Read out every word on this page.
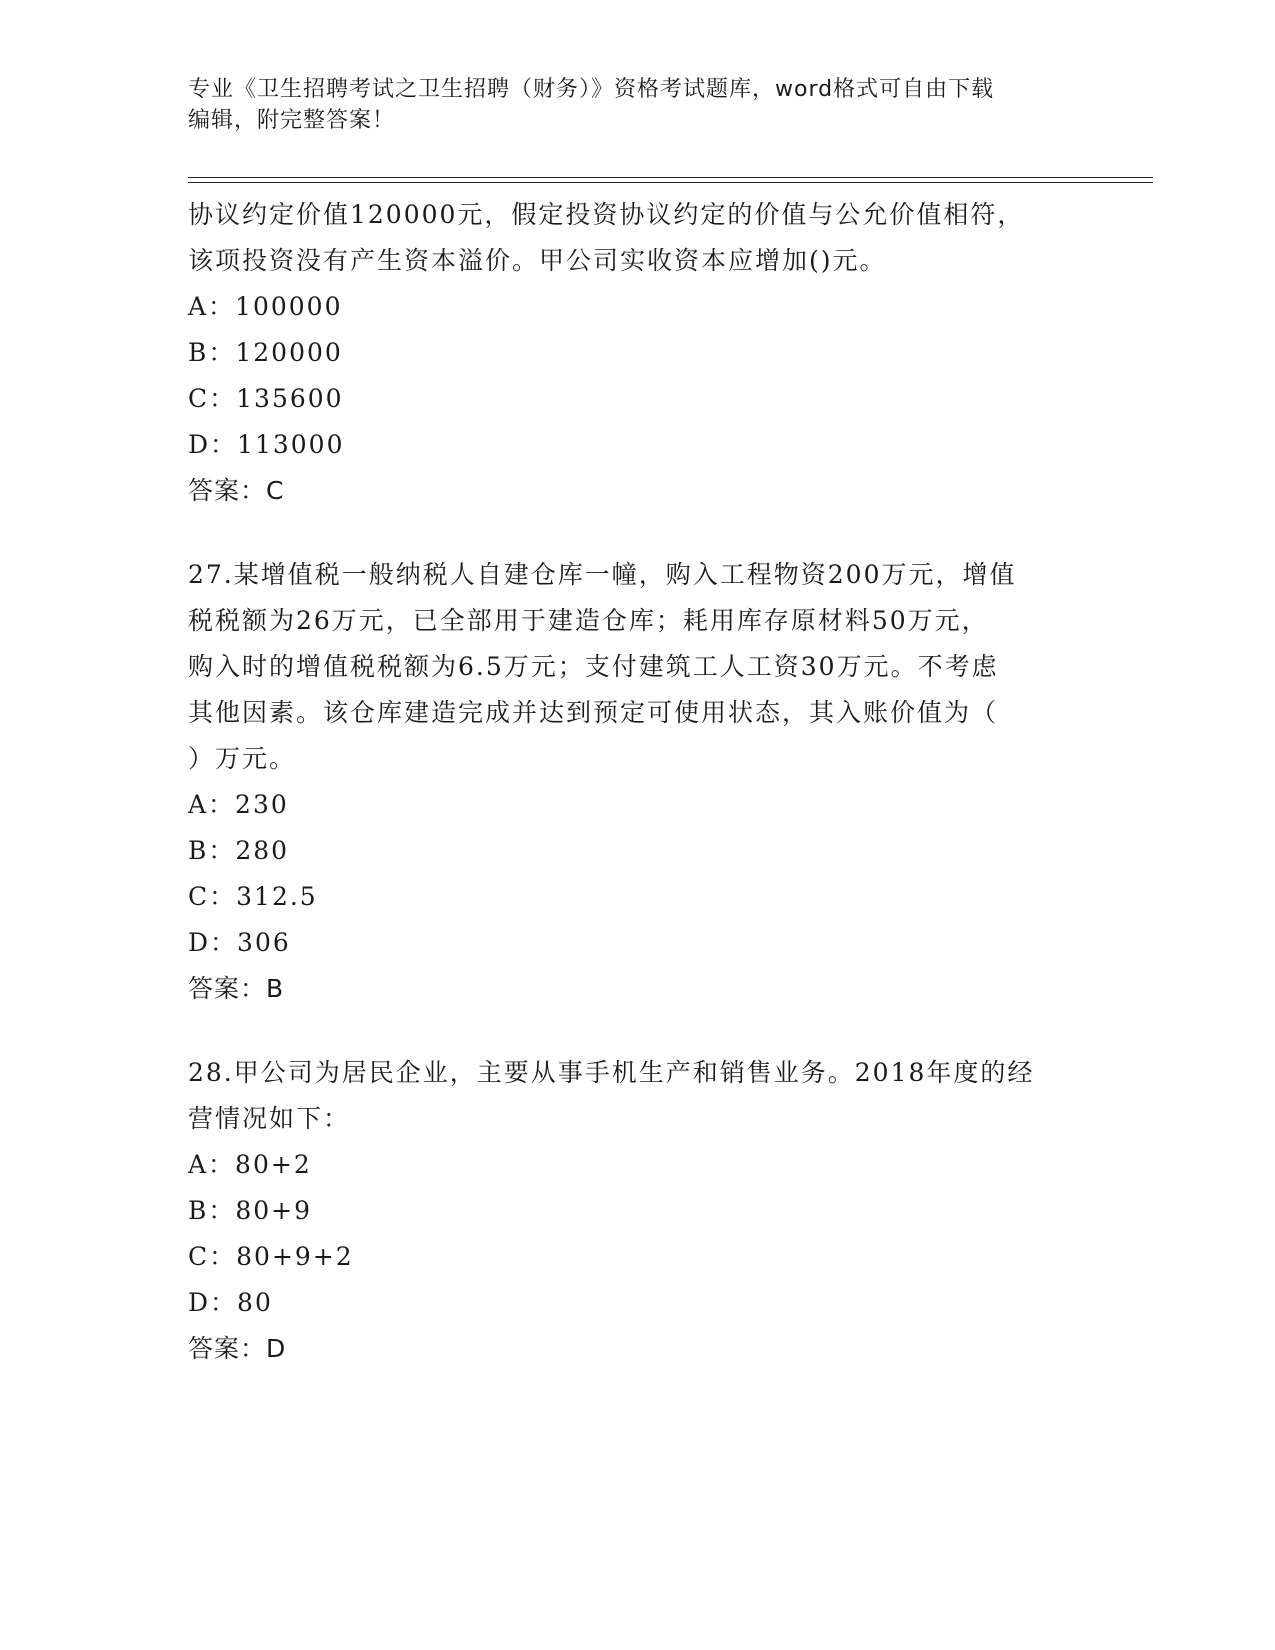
专业《卫生招聘考试之卫生招聘（财务）》资格考试题库，word格式可自由下载
编辑，附完整答案！

协议约定价值120000元，假定投资协议约定的价值与公允价值相符，

该项投资没有产生资本溢价。甲公司实收资本应增加()元。

A：100000

B：120000

C：135600

D：113000

答案：C

27.某增值税一般纳税人自建仓库一幢，购入工程物资200万元，增值

税税额为26万元，已全部用于建造仓库；耗用库存原材料50万元，

购入时的增值税税额为6.5万元；支付建筑工人工资30万元。不考虑

其他因素。该仓库建造完成并达到预定可使用状态，其入账价值为（

）万元。

A：230

B：280

C：312.5

D：306

答案：B

28.甲公司为居民企业，主要从事手机生产和销售业务。2018年度的经

营情况如下：

A：80+2

B：80+9

C：80+9+2

D：80

答案：D
